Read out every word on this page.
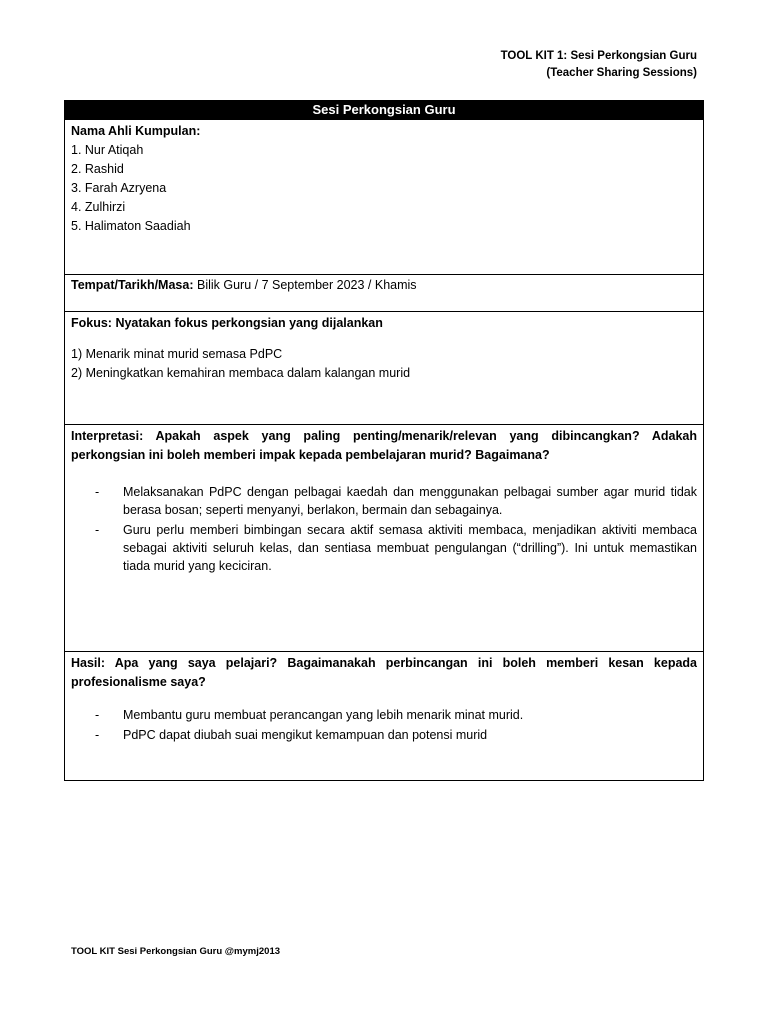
TOOL KIT 1: Sesi Perkongsian Guru
(Teacher Sharing Sessions)
Sesi Perkongsian Guru

Nama Ahli Kumpulan:
1. Nur Atiqah
2. Rashid
3. Farah Azryena
4. Zulhirzi
5. Halimaton Saadiah

Tempat/Tarikh/Masa: Bilik Guru / 7 September 2023 / Khamis

Fokus: Nyatakan fokus perkongsian yang dijalankan
1) Menarik minat murid semasa PdPC
2) Meningkatkan kemahiran membaca dalam kalangan murid

Interpretasi: Apakah aspek yang paling penting/menarik/relevan yang dibincangkan? Adakah perkongsian ini boleh memberi impak kepada pembelajaran murid? Bagaimana?
- Melaksanakan PdPC dengan pelbagai kaedah dan menggunakan pelbagai sumber agar murid tidak berasa bosan; seperti menyanyi, berlakon, bermain dan sebagainya.
- Guru perlu memberi bimbingan secara aktif semasa aktiviti membaca, menjadikan aktiviti membaca sebagai aktiviti seluruh kelas, dan sentiasa membuat pengulangan (“drilling”). Ini untuk memastikan tiada murid yang keciciran.

Hasil: Apa yang saya pelajari? Bagaimanakah perbincangan ini boleh memberi kesan kepada profesionalisme saya?
- Membantu guru membuat perancangan yang lebih menarik minat murid.
- PdPC dapat diubah suai mengikut kemampuan dan potensi murid
TOOL KIT Sesi Perkongsian Guru @mymj2013
